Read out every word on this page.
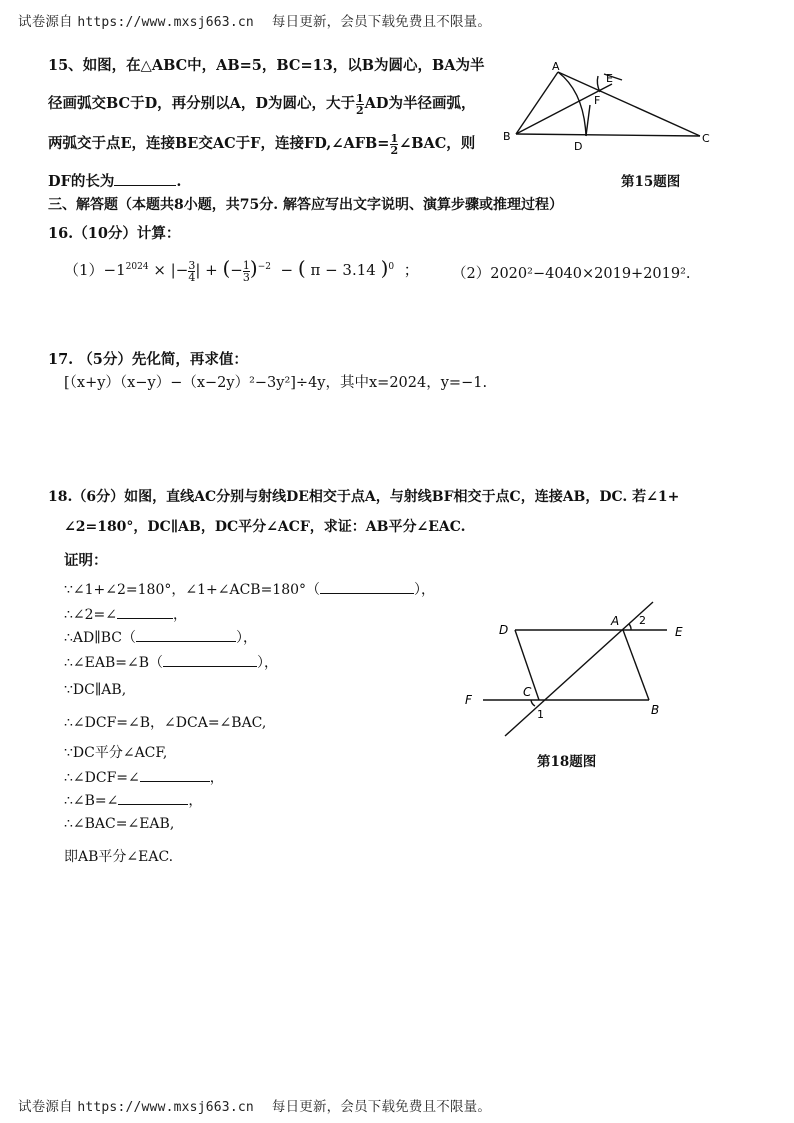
试卷源自 https://www.mxsj663.cn 每日更新，会员下载免费且不限量。
15、如图，在△ABC中，AB=5，BC=13，以B为圆心，BA为半
径画弧交BC于D，再分别以A，D为圆心，大于 $\frac{1}{2}$ AD为半径画弧，
两弧交于点E，连接BE交AC于F，连接FD,∠AFB= $\frac{1}{2}$ ∠BAC，则
DF的长为	.
A
B	C
D
E
F
第15题图
三、解答题（本题共8小题，共75分. 解答应写出文字说明、演算步骤或推理过程）
16.（10分）计算：
$(1)-1^{2024}$ × |− $\frac{3}{4}$ | + (− $\frac{1}{3} )^{-2}$  − ( π − 3.14 )$^0$ ； （2）2020²−4040×2019+2019².
17. （5分）先化简，再求值：
[（x+y）（x−y）−（x−2y）²−3y²]÷4y，其中x=2024，y=−1.
18.（6分）如图，直线AC分别与射线DE相交于点A，与射线BF相交于点C，连接AB，DC. 若∠1+
∠2=180°，DC∥AB，DC平分∠ACF，求证：AB平分∠EAC.
证明：
∵∠1+∠2=180°，∠1+∠ACB=180°（	），
∴∠2=∠	，
∴AD∥BC（	），
∴∠EAB=∠B（	），
∵DC∥AB,
∴∠DCF=∠B，∠DCA=∠BAC,
∵DC平分∠ACF,
∴∠DCF=∠	，
∴∠B=∠	，
∴∠BAC=∠EAB,
即AB平分∠EAC.
D
A
E
2
F
C
1	B
第18题图
试卷源自 https://www.mxsj663.cn 每日更新，会员下载免费且不限量。
